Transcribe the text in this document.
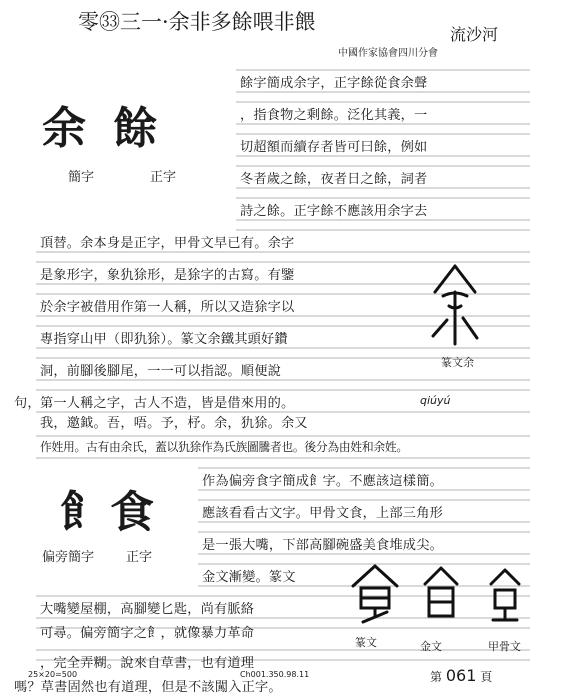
零㉝三一·余非多餘喂非餵
流沙河
中國作家協會四川分會
余 餘
簡字	正字
篆文余
qiúyú
飠食
偏旁簡字 正字
篆文	金文	甲骨文
餘字簡成余字，正字餘從食余聲
，指食物之剩餘。泛化其義，一
切超額而續存者皆可曰餘，例如
冬者歲之餘，夜者日之餘，詞者
詩之餘。正字餘不應該用余字去
頂替。余本身是正字，甲骨文早已有。余字
是象形字，象犰狳形，是狳字的古寫。有鑒
於余字被借用作第一人稱，所以又造狳字以
專指穿山甲（即犰狳）。篆文余鐵其頭好鑽
洞，前腳後腳尾，一一可以指認。順便說
句， 第一人稱之字，古人不造，皆是借來用的。
我，邀鉞。吾，唔。予，杼。余，犰狳。余又
作姓用。古有由余氏，蓋以犰狳作為氏族圖騰者也。後分為由姓和余姓。
作為偏旁食字簡成飠字。不應該這樣簡。
應該看看古文字。甲骨文食，上部三角形
是一張大嘴，下部高腳碗盛美食堆成尖。
金文漸變。篆文
大嘴變屋棚，高腳變匕匙，尚有脈絡
可尋。偏旁簡字之飠，就像暴力革命
，完全弄糊。說來自草書，也有道理
嗎？草書固然也有道理，但是不該闖入正字。
25×20=500	Ch001.350.98.11	第 061 頁
